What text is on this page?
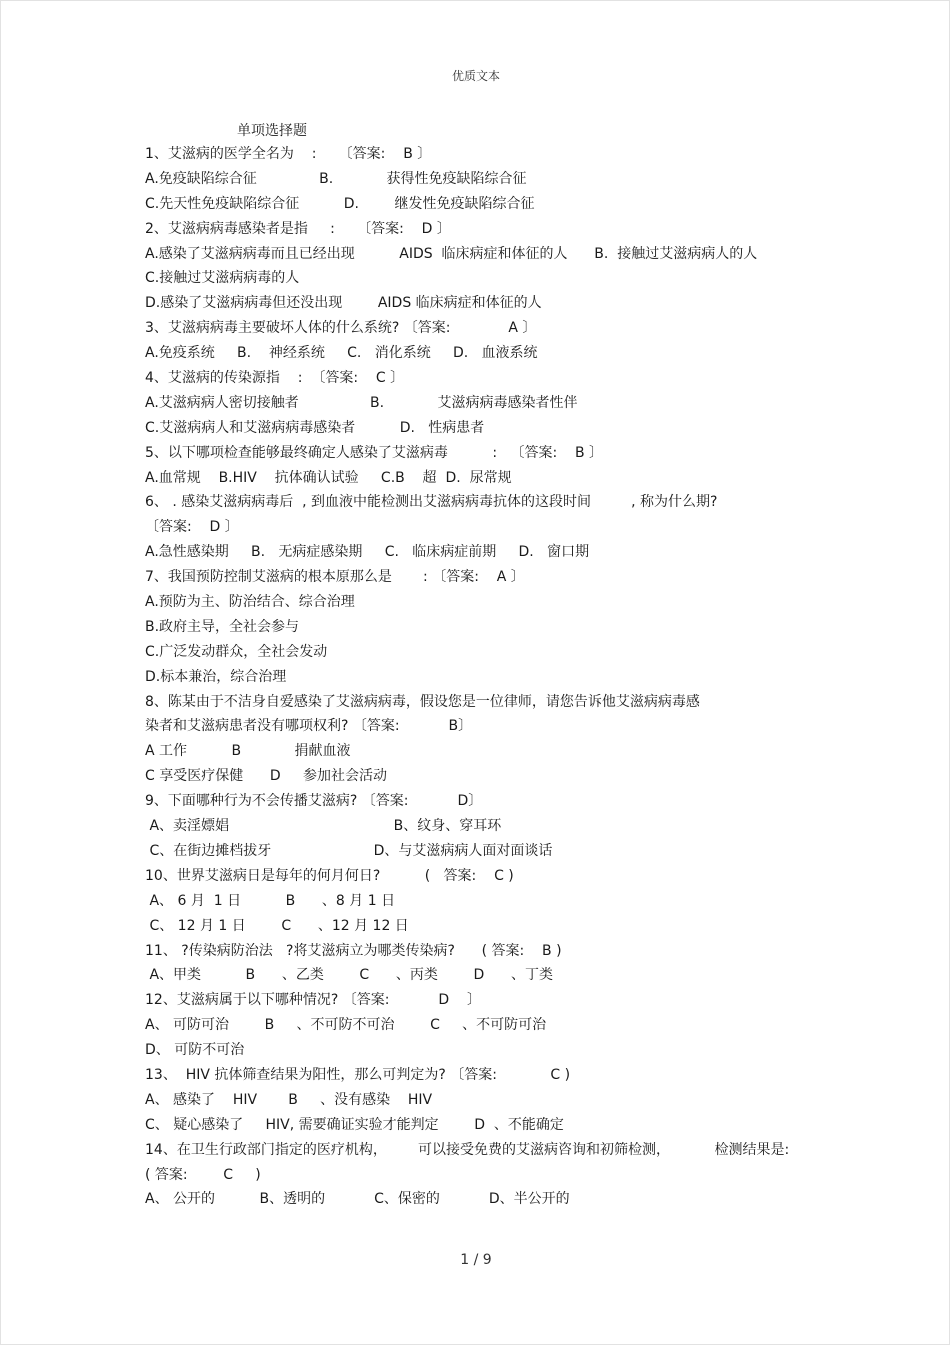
优质文本
单项选择题
1、艾滋病的医学全名为    :     〔答案:    B 〕
A.免疫缺陷综合征              B.            获得性免疫缺陷综合征
C.先天性免疫缺陷综合征          D.        继发性免疫缺陷综合征
2、艾滋病病毒感染者是指     :     〔答案:    D 〕
A.感染了艾滋病病毒而且已经出现          AIDS  临床病症和体征的人      B.  接触过艾滋病病人的人
C.接触过艾滋病病毒的人
D.感染了艾滋病病毒但还没出现        AIDS 临床病症和体征的人
3、艾滋病病毒主要破坏人体的什么系统? 〔答案:             A 〕
A.免疫系统     B.    神经系统     C.   消化系统     D.   血液系统
4、艾滋病的传染源指    :  〔答案:    C 〕
A.艾滋病病人密切接触者                B.            艾滋病病毒感染者性伴
C.艾滋病病人和艾滋病病毒感染者          D.   性病患者
5、以下哪项检查能够最终确定人感染了艾滋病毒          :   〔答案:    B 〕
A.血常规    B.HIV    抗体确认试验     C.B    超  D.  尿常规
6、 . 感染艾滋病病毒后  , 到血液中能检测出艾滋病病毒抗体的这段时间         , 称为什么期?
〔答案:    D 〕
A.急性感染期     B.   无病症感染期     C.   临床病症前期     D.   窗口期
7、我国预防控制艾滋病的根本原那么是       : 〔答案:    A 〕
A.预防为主、防治结合、综合治理
B.政府主导，全社会参与
C.广泛发动群众，全社会发动
D.标本兼治，综合治理
8、陈某由于不洁身自爱感染了艾滋病病毒，假设您是一位律师，请您告诉他艾滋病病毒感
染者和艾滋病患者没有哪项权利? 〔答案:           B〕
A 工作          B            捐献血液
C 享受医疗保健      D     参加社会活动
9、下面哪种行为不会传播艾滋病? 〔答案:           D〕
A、卖淫嫖娼                                     B、纹身、穿耳环
C、在街边摊档拔牙                       D、与艾滋病病人面对面谈话
10、世界艾滋病日是每年的何月何日?          (   答案:    C )
A、 6 月  1 日          B      、8 月 1 日
C、 12 月 1 日        C      、12 月 12 日
11、 ?传染病防治法   ?将艾滋病立为哪类传染病?      ( 答案:    B )
A、甲类          B      、乙类        C      、丙类        D      、丁类
12、艾滋病属于以下哪种情况? 〔答案:           D    〕
A、 可防可治        B     、不可防不可治        C     、不可防可治
D、 可防不可治
13、  HIV 抗体筛查结果为阳性，那么可判定为? 〔答案:            C )
A、 感染了    HIV       B     、没有感染    HIV
C、 疑心感染了     HIV, 需要确证实验才能判定        D  、不能确定
14、在卫生行政部门指定的医疗机构，       可以接受免费的艾滋病咨询和初筛检测，          检测结果是:
( 答案:        C     )
A、 公开的          B、透明的           C、保密的           D、半公开的
1 / 9
